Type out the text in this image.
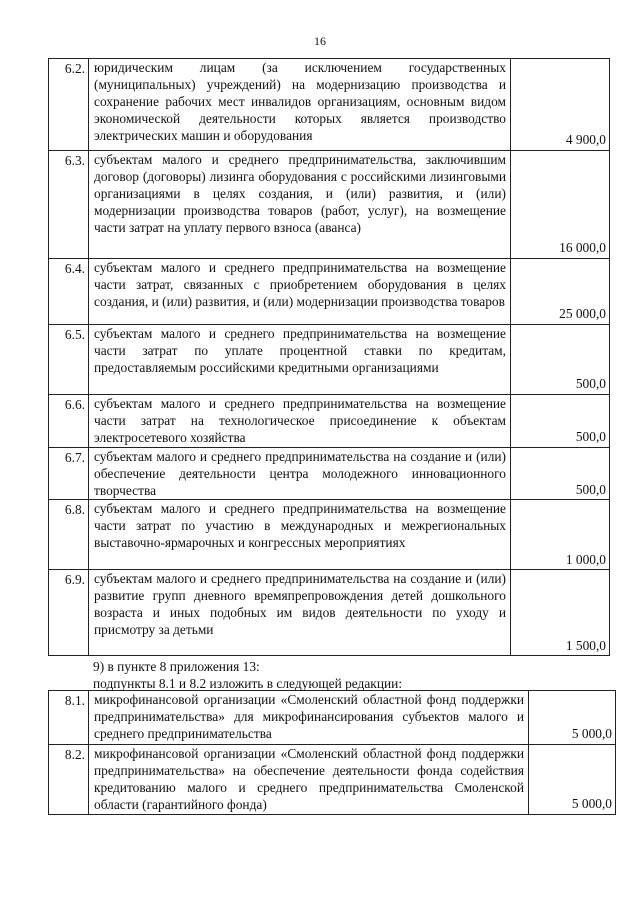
16
6.2.	юридическим лицам (за исключением государственных (муниципальных) учреждений) на модернизацию производства и сохранение рабочих мест инвалидов организациям, основным видом экономической деятельности которых является производство электрических машин и оборудования	4 900,0
6.3.	субъектам малого и среднего предпринимательства, заключившим договор (договоры) лизинга оборудования с российскими лизинговыми организациями в целях создания, и (или) развития, и (или) модернизации производства товаров (работ, услуг), на возмещение части затрат на уплату первого взноса (аванса)	16 000,0
6.4.	субъектам малого и среднего предпринимательства на возмещение части затрат, связанных с приобретением оборудования в целях создания, и (или) развития, и (или) модернизации производства товаров	25 000,0
6.5.	субъектам малого и среднего предпринимательства на возмещение части затрат по уплате процентной ставки по кредитам, предоставляемым российскими кредитными организациями	500,0
6.6.	субъектам малого и среднего предпринимательства на возмещение части затрат на технологическое присоединение к объектам электросетевого хозяйства	500,0
6.7.	субъектам малого и среднего предпринимательства на создание и (или) обеспечение деятельности центра молодежного инновационного творчества	500,0
6.8.	субъектам малого и среднего предпринимательства на возмещение части затрат по участию в международных и межрегиональных выставочно-ярмарочных и конгрессных мероприятиях	1 000,0
6.9.	субъектам малого и среднего предпринимательства на создание и (или) развитие групп дневного времяпрепровождения детей дошкольного возраста и иных подобных им видов деятельности по уходу и присмотру за детьми	1 500,0
9) в пункте 8 приложения 13:
подпункты 8.1 и 8.2 изложить в следующей редакции:
8.1.	микрофинансовой организации «Смоленский областной фонд поддержки предпринимательства» для микрофинансирования субъектов малого и среднего предпринимательства	5 000,0
8.2.	микрофинансовой организации «Смоленский областной фонд поддержки предпринимательства» на обеспечение деятельности фонда содействия кредитованию малого и среднего предпринимательства Смоленской области (гарантийного фонда)	5 000,0
